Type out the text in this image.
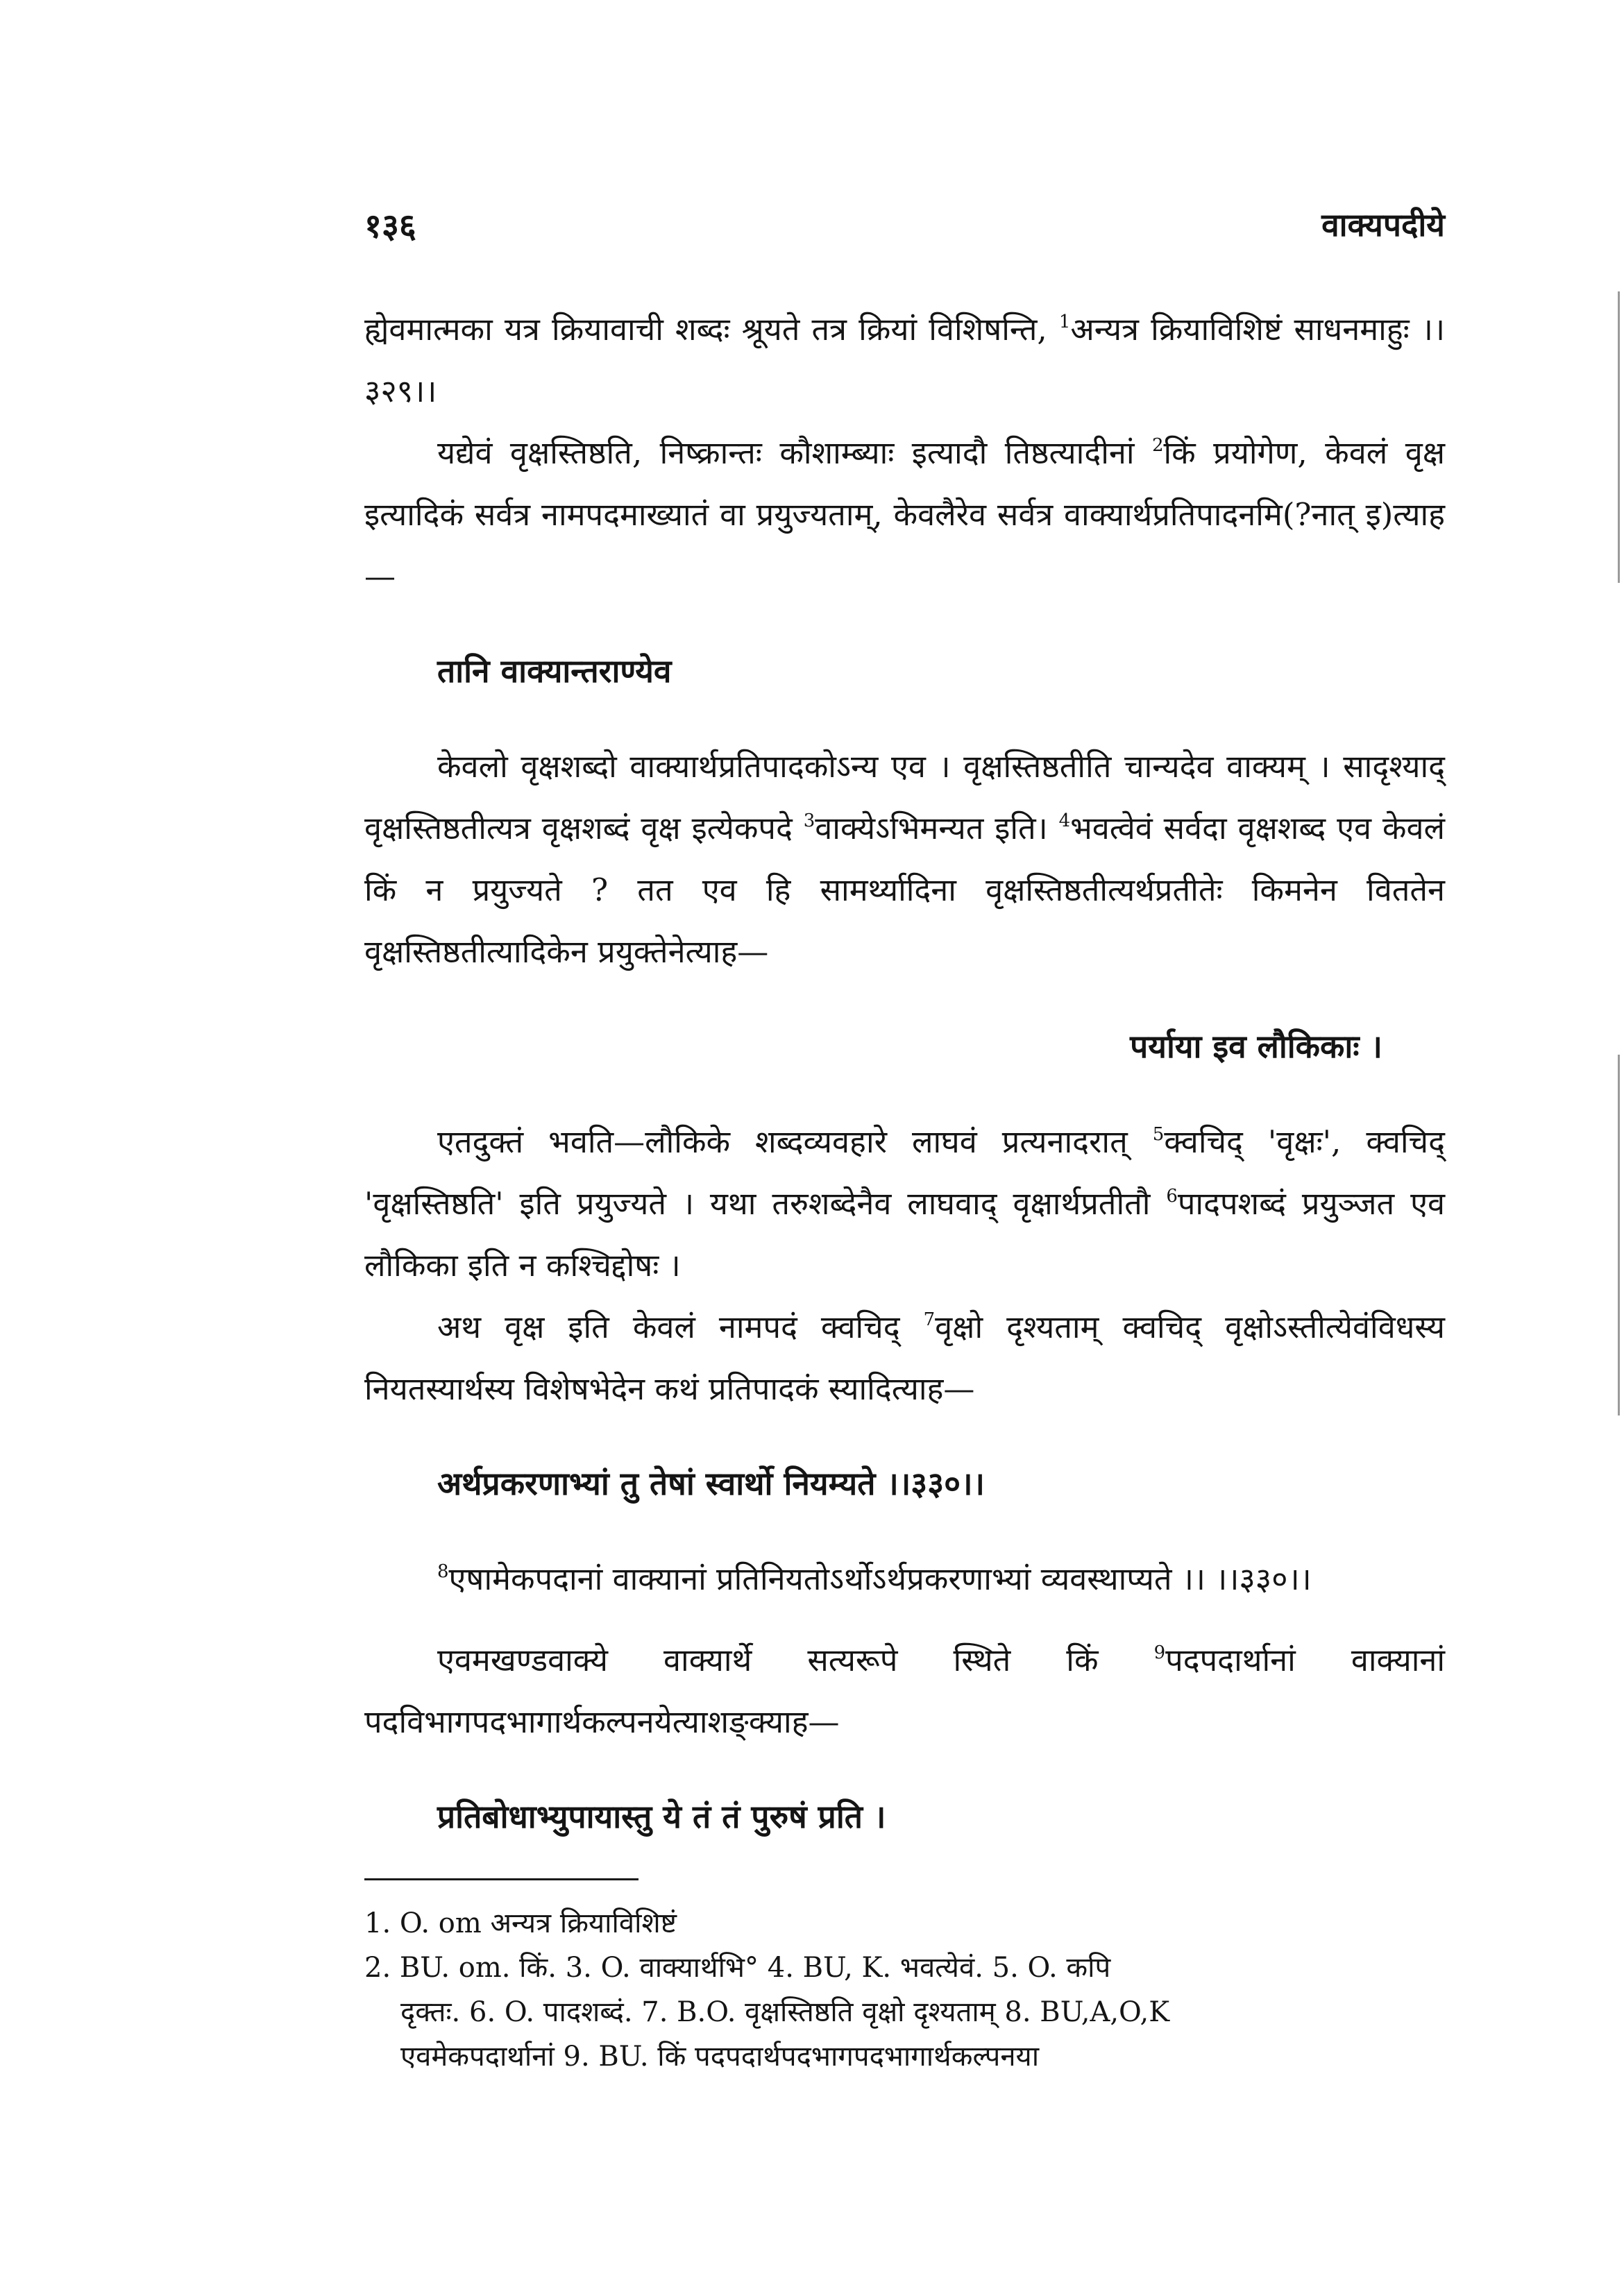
१३६	वाक्यपदीये

ह्येवमात्मका यत्र क्रियावाची शब्दः श्रूयते तत्र क्रियां विशिषन्ति, $^1$अन्यत्र क्रियाविशिष्टं साधनमाहुः ।।३२९।।

यद्येवं वृक्षस्तिष्ठति, निष्क्रान्तः कौशाम्ब्याः इत्यादौ तिष्ठत्यादीनां $^2$किं प्रयोगेण, केवलं वृक्ष इत्यादिकं सर्वत्र नामपदमाख्यातं वा प्रयुज्यताम्, केवलैरेव सर्वत्र वाक्यार्थप्रतिपादनमि(?नात् इ)त्याह—

तानि वाक्यान्तराण्येव

केवलो वृक्षशब्दो वाक्यार्थप्रतिपादकोऽन्य एव । वृक्षस्तिष्ठतीति चान्यदेव वाक्यम् । सादृश्याद् वृक्षस्तिष्ठतीत्यत्र वृक्षशब्दं वृक्ष इत्येकपदे $^3$वाक्येऽभिमन्यत इति। $^4$भवत्वेवं सर्वदा वृक्षशब्द एव केवलं किं न प्रयुज्यते ? तत एव हि सामर्थ्यादिना वृक्षस्तिष्ठतीत्यर्थप्रतीतेः किमनेन विततेन वृक्षस्तिष्ठतीत्यादिकेन प्रयुक्तेनेत्याह—

पर्याया इव लौकिकाः ।

एतदुक्तं भवति—लौकिके शब्दव्यवहारे लाघवं प्रत्यनादरात् $^5$क्वचिद् 'वृक्षः', क्वचिद् 'वृक्षस्तिष्ठति' इति प्रयुज्यते । यथा तरुशब्देनैव लाघवाद् वृक्षार्थप्रतीतौ $^6$पादपशब्दं प्रयुञ्जत एव लौकिका इति न कश्चिद्दोषः ।

अथ वृक्ष इति केवलं नामपदं क्वचिद् $^7$वृक्षो दृश्यताम् क्वचिद् वृक्षोऽस्तीत्येवंविधस्य नियतस्यार्थस्य विशेषभेदेन कथं प्रतिपादकं स्यादित्याह—

अर्थप्रकरणाभ्यां तु तेषां स्वार्थो नियम्यते ।।३३०।।

$^8$एषामेकपदानां वाक्यानां प्रतिनियतोऽर्थोऽर्थप्रकरणाभ्यां व्यवस्थाप्यते ।। ।।३३०।।

एवमखण्डवाक्ये वाक्यार्थे सत्यरूपे स्थिते किं $^9$पदपदार्थानां वाक्यानां पदविभागपदभागार्थकल्पनयेत्याशङ्क्याह—

प्रतिबोधाभ्युपायास्तु ये तं तं पुरुषं प्रति ।

1. O. om अन्यत्र क्रियाविशिष्टं

2. BU. om. किं. 3. O. वाक्यार्थभि° 4. BU, K. भवत्येवं. 5. O. कपि

दृक्तः. 6. O. पादशब्दं. 7. B.O. वृक्षस्तिष्ठति वृक्षो दृश्यताम् 8. BU,A,O,K

एवमेकपदार्थानां 9. BU. किं पदपदार्थपदभागपदभागार्थकल्पनया
